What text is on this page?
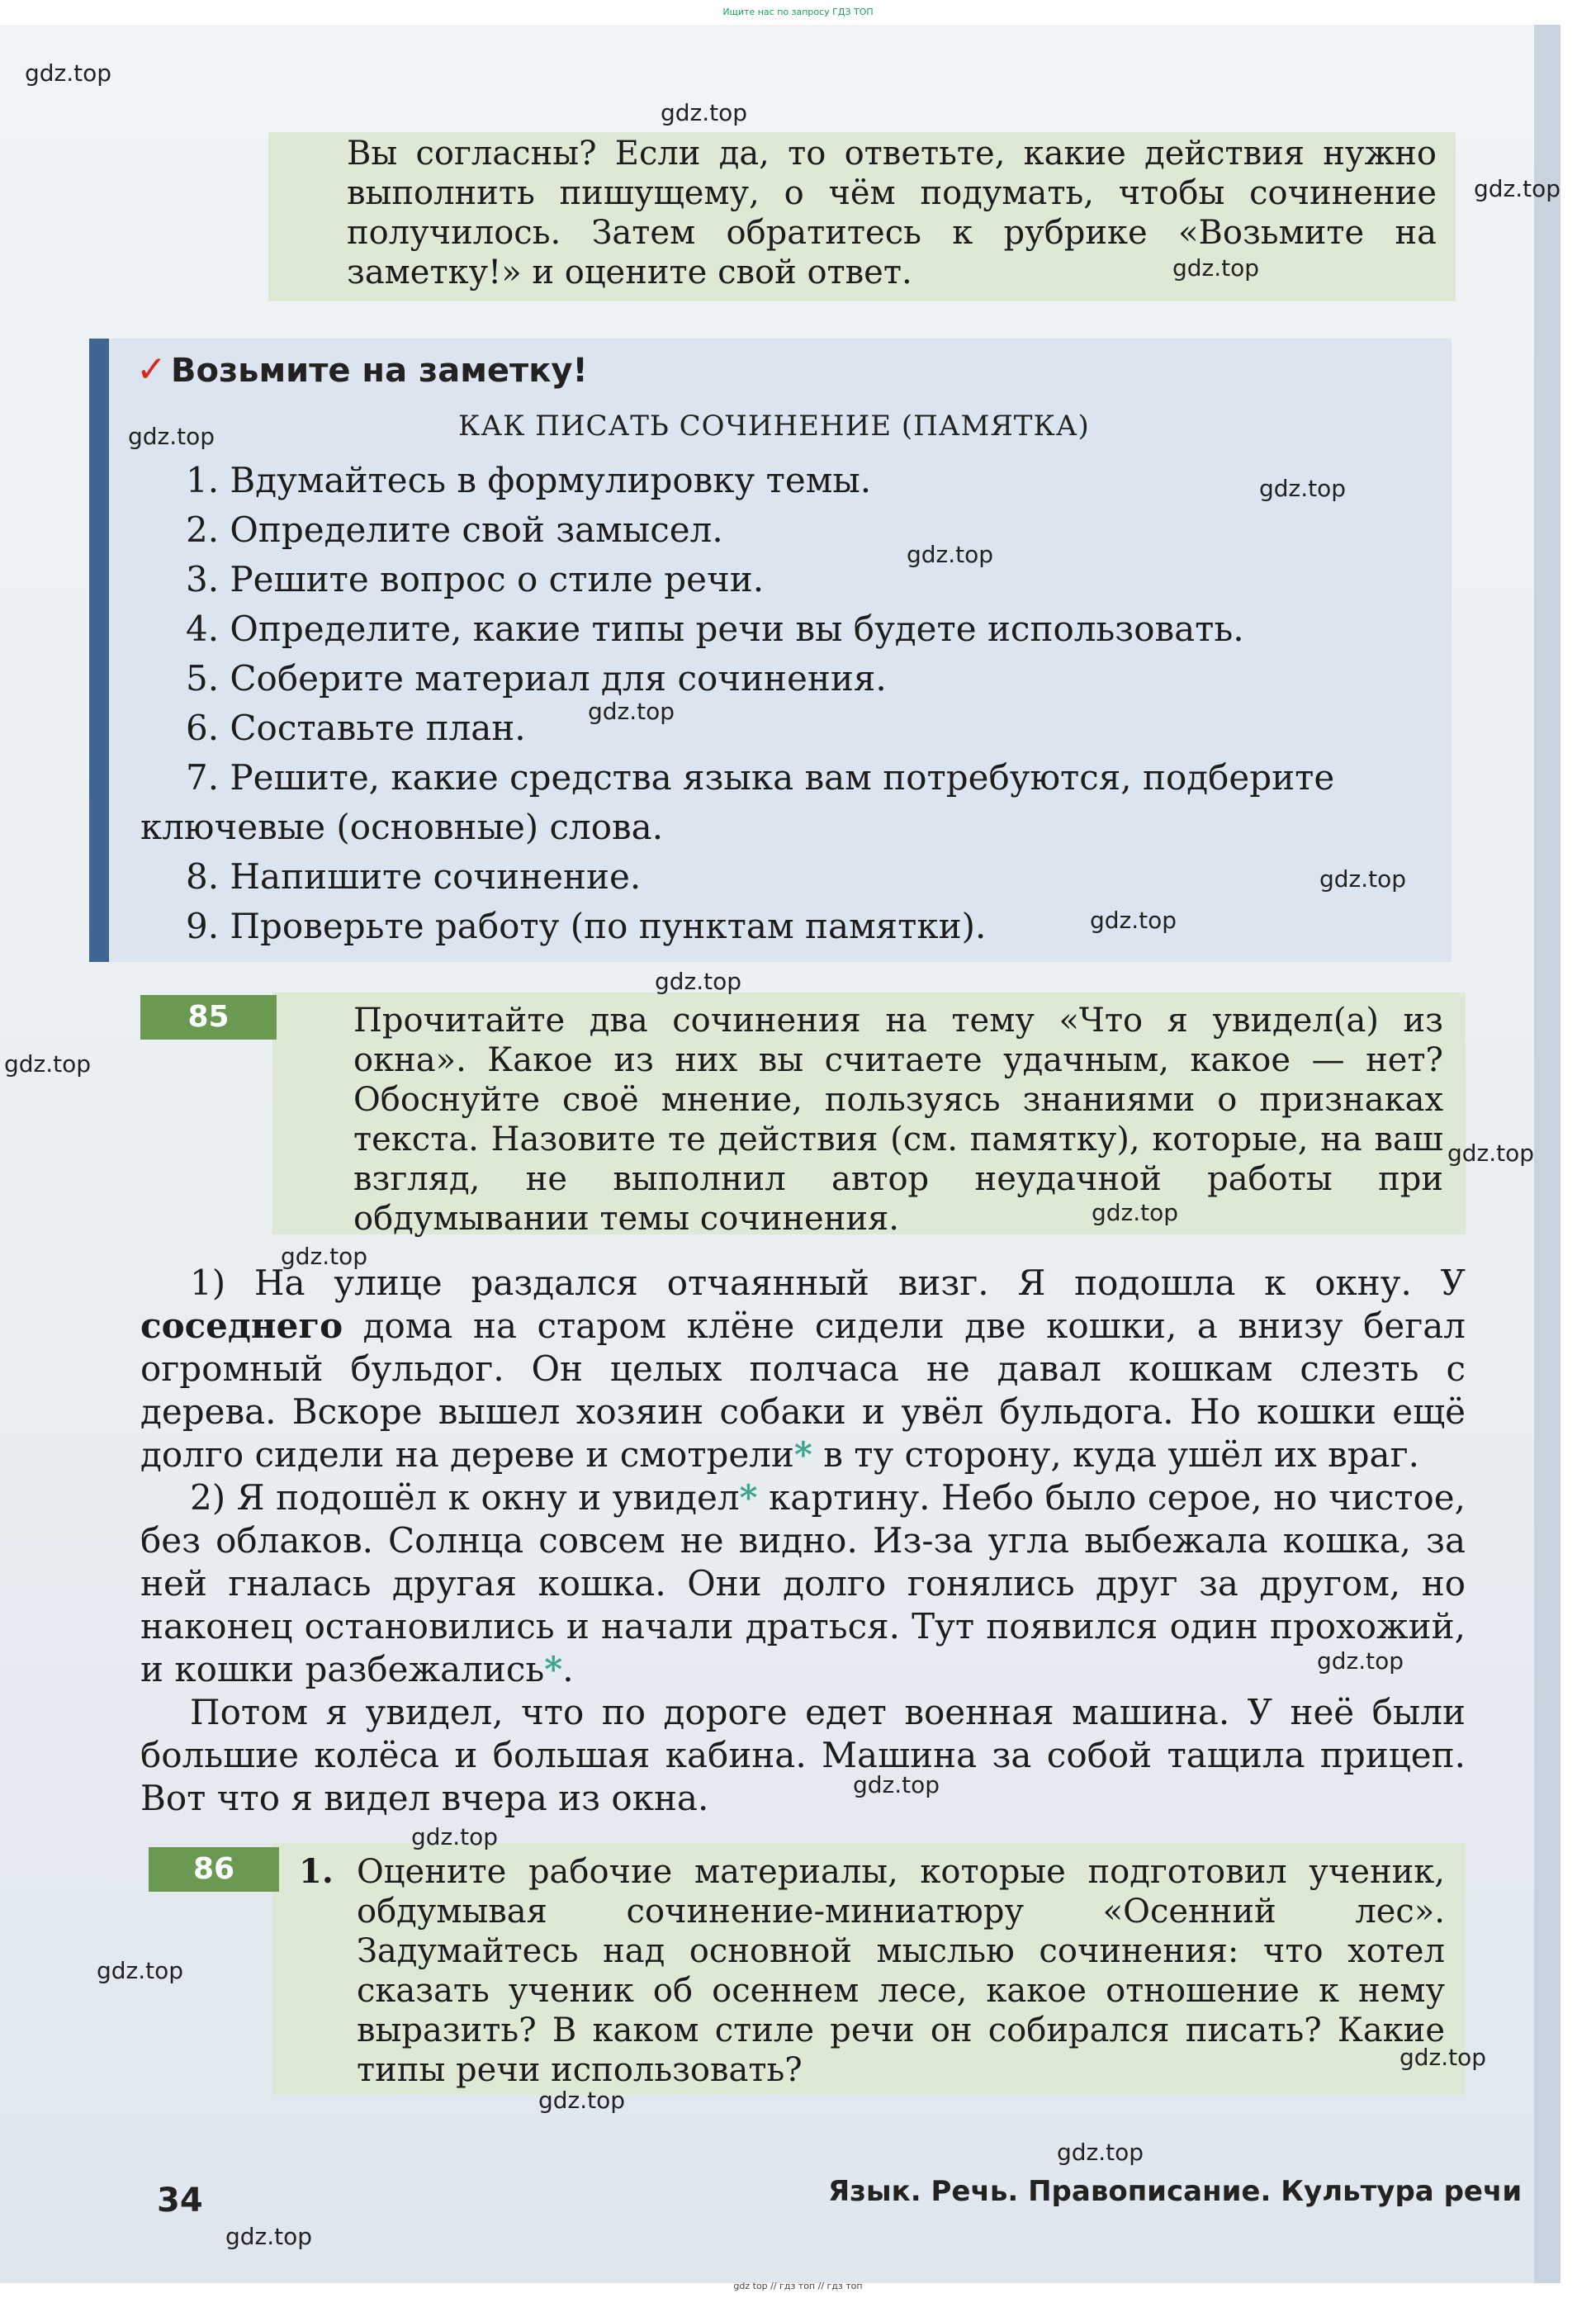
Ищите нас по запросу ГДЗ ТОП
Вы согласны? Если да, то ответьте, какие действия нужно выполнить пишущему, о чём подумать, чтобы сочинение получилось. Затем обратитесь к рубрике «Возьмите на заметку!» и оцените свой ответ.
✓ Возьмите на заметку!
КАК ПИСАТЬ СОЧИНЕНИЕ (ПАМЯТКА)
1. Вдумайтесь в формулировку темы.
2. Определите свой замысел.
3. Решите вопрос о стиле речи.
4. Определите, какие типы речи вы будете использовать.
5. Соберите материал для сочинения.
6. Составьте план.
7. Решите, какие средства языка вам потребуются, подберите
ключевые (основные) слова.
8. Напишите сочинение.
9. Проверьте работу (по пунктам памятки).
85	Прочитайте два сочинения на тему «Что я увидел(а) из окна». Какое из них вы считаете удачным, какое — нет? Обоснуйте своё мнение, пользуясь знаниями о признаках текста. Назовите те действия (см. памятку), которые, на ваш взгляд, не выполнил автор неудачной работы при обдумывании темы сочинения.

1) На улице раздался отчаянный визг. Я подошла к окну. У соседнего дома на старом клёне сидели две кошки, а внизу бегал огромный бульдог. Он целых полчаса не давал кошкам слезть с дерева. Вскоре вышел хозяин собаки и увёл бульдога. Но кошки ещё долго сидели на дереве и смотрели* в ту сторону, куда ушёл их враг.

2) Я подошёл к окну и увидел* картину. Небо было серое, но чистое, без облаков. Солнца совсем не видно. Из-за угла выбежала кошка, за ней гналась другая кошка. Они долго гонялись друг за другом, но наконец остановились и начали драться. Тут появился один прохожий, и кошки разбежались*.

Потом я увидел, что по дороге едет военная машина. У неё были большие колёса и большая кабина. Машина за собой тащила прицеп. Вот что я видел вчера из окна.

86	1. Оцените рабочие материалы, которые подготовил ученик, обдумывая сочинение-миниатюру «Осенний лес». Задумайтесь над основной мыслью сочинения: что хотел сказать ученик об осеннем лесе, какое отношение к нему выразить? В каком стиле речи он собирался писать? Какие типы речи использовать?
34	Язык. Речь. Правописание. Культура речи
gdz.top
gdz.top
gdz.top
gdz.top
gdz.top
gdz.top
gdz.top
gdz.top
gdz.top
gdz.top
gdz.top
gdz.top
gdz.top
gdz.top
gdz.top
gdz.top
gdz.top
gdz.top
gdz.top
gdz.top
gdz.top
gdz.top
gdz.top
gdz top // гдз топ // гдз топ
